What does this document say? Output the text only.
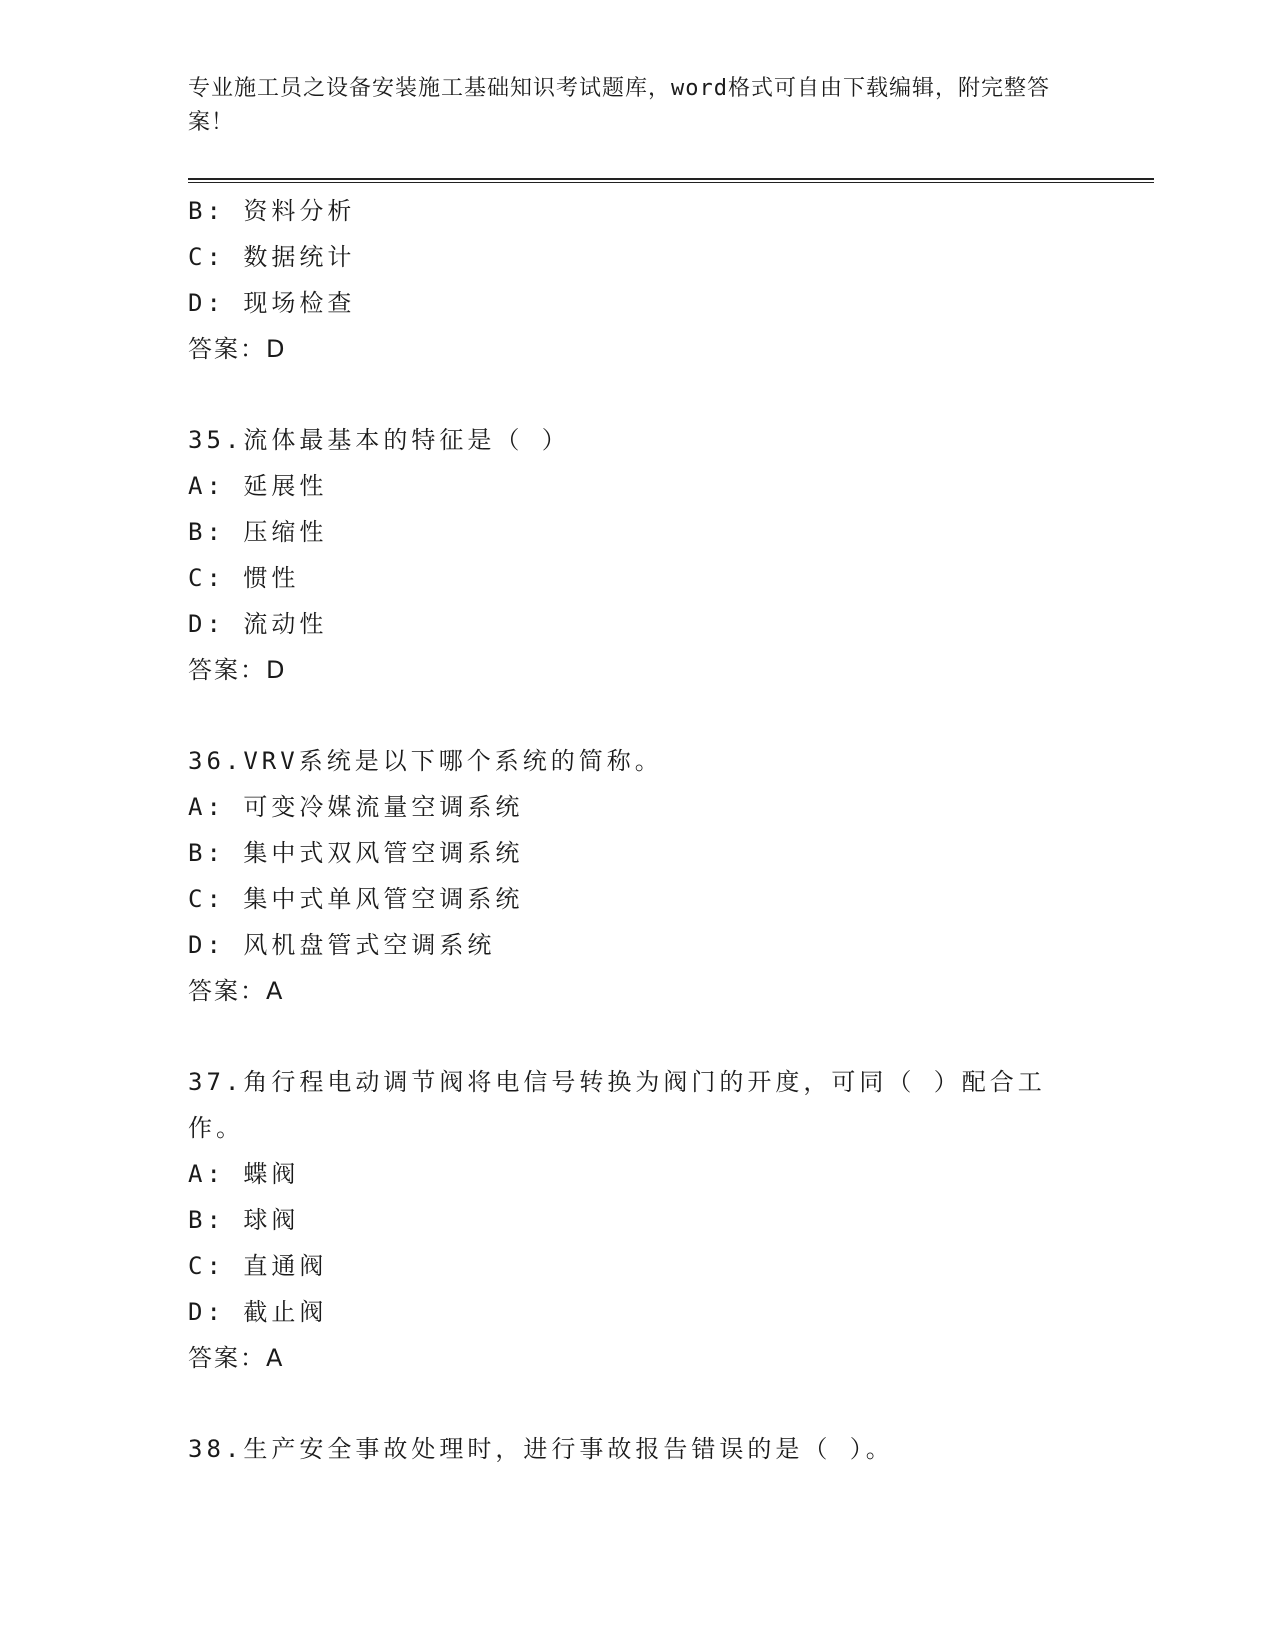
专业施工员之设备安装施工基础知识考试题库，word格式可自由下载编辑，附完整答案！
B: 资料分析
C: 数据统计
D: 现场检查
答案：D
35.流体最基本的特征是（ ）
A: 延展性
B: 压缩性
C: 惯性
D: 流动性
答案：D
36.VRV系统是以下哪个系统的简称。
A: 可变冷媒流量空调系统
B: 集中式双风管空调系统
C: 集中式单风管空调系统
D: 风机盘管式空调系统
答案：A
37.角行程电动调节阀将电信号转换为阀门的开度，可同（ ）配合工
作。
A: 蝶阀
B: 球阀
C: 直通阀
D: 截止阀
答案：A
38.生产安全事故处理时，进行事故报告错误的是（ ）。
